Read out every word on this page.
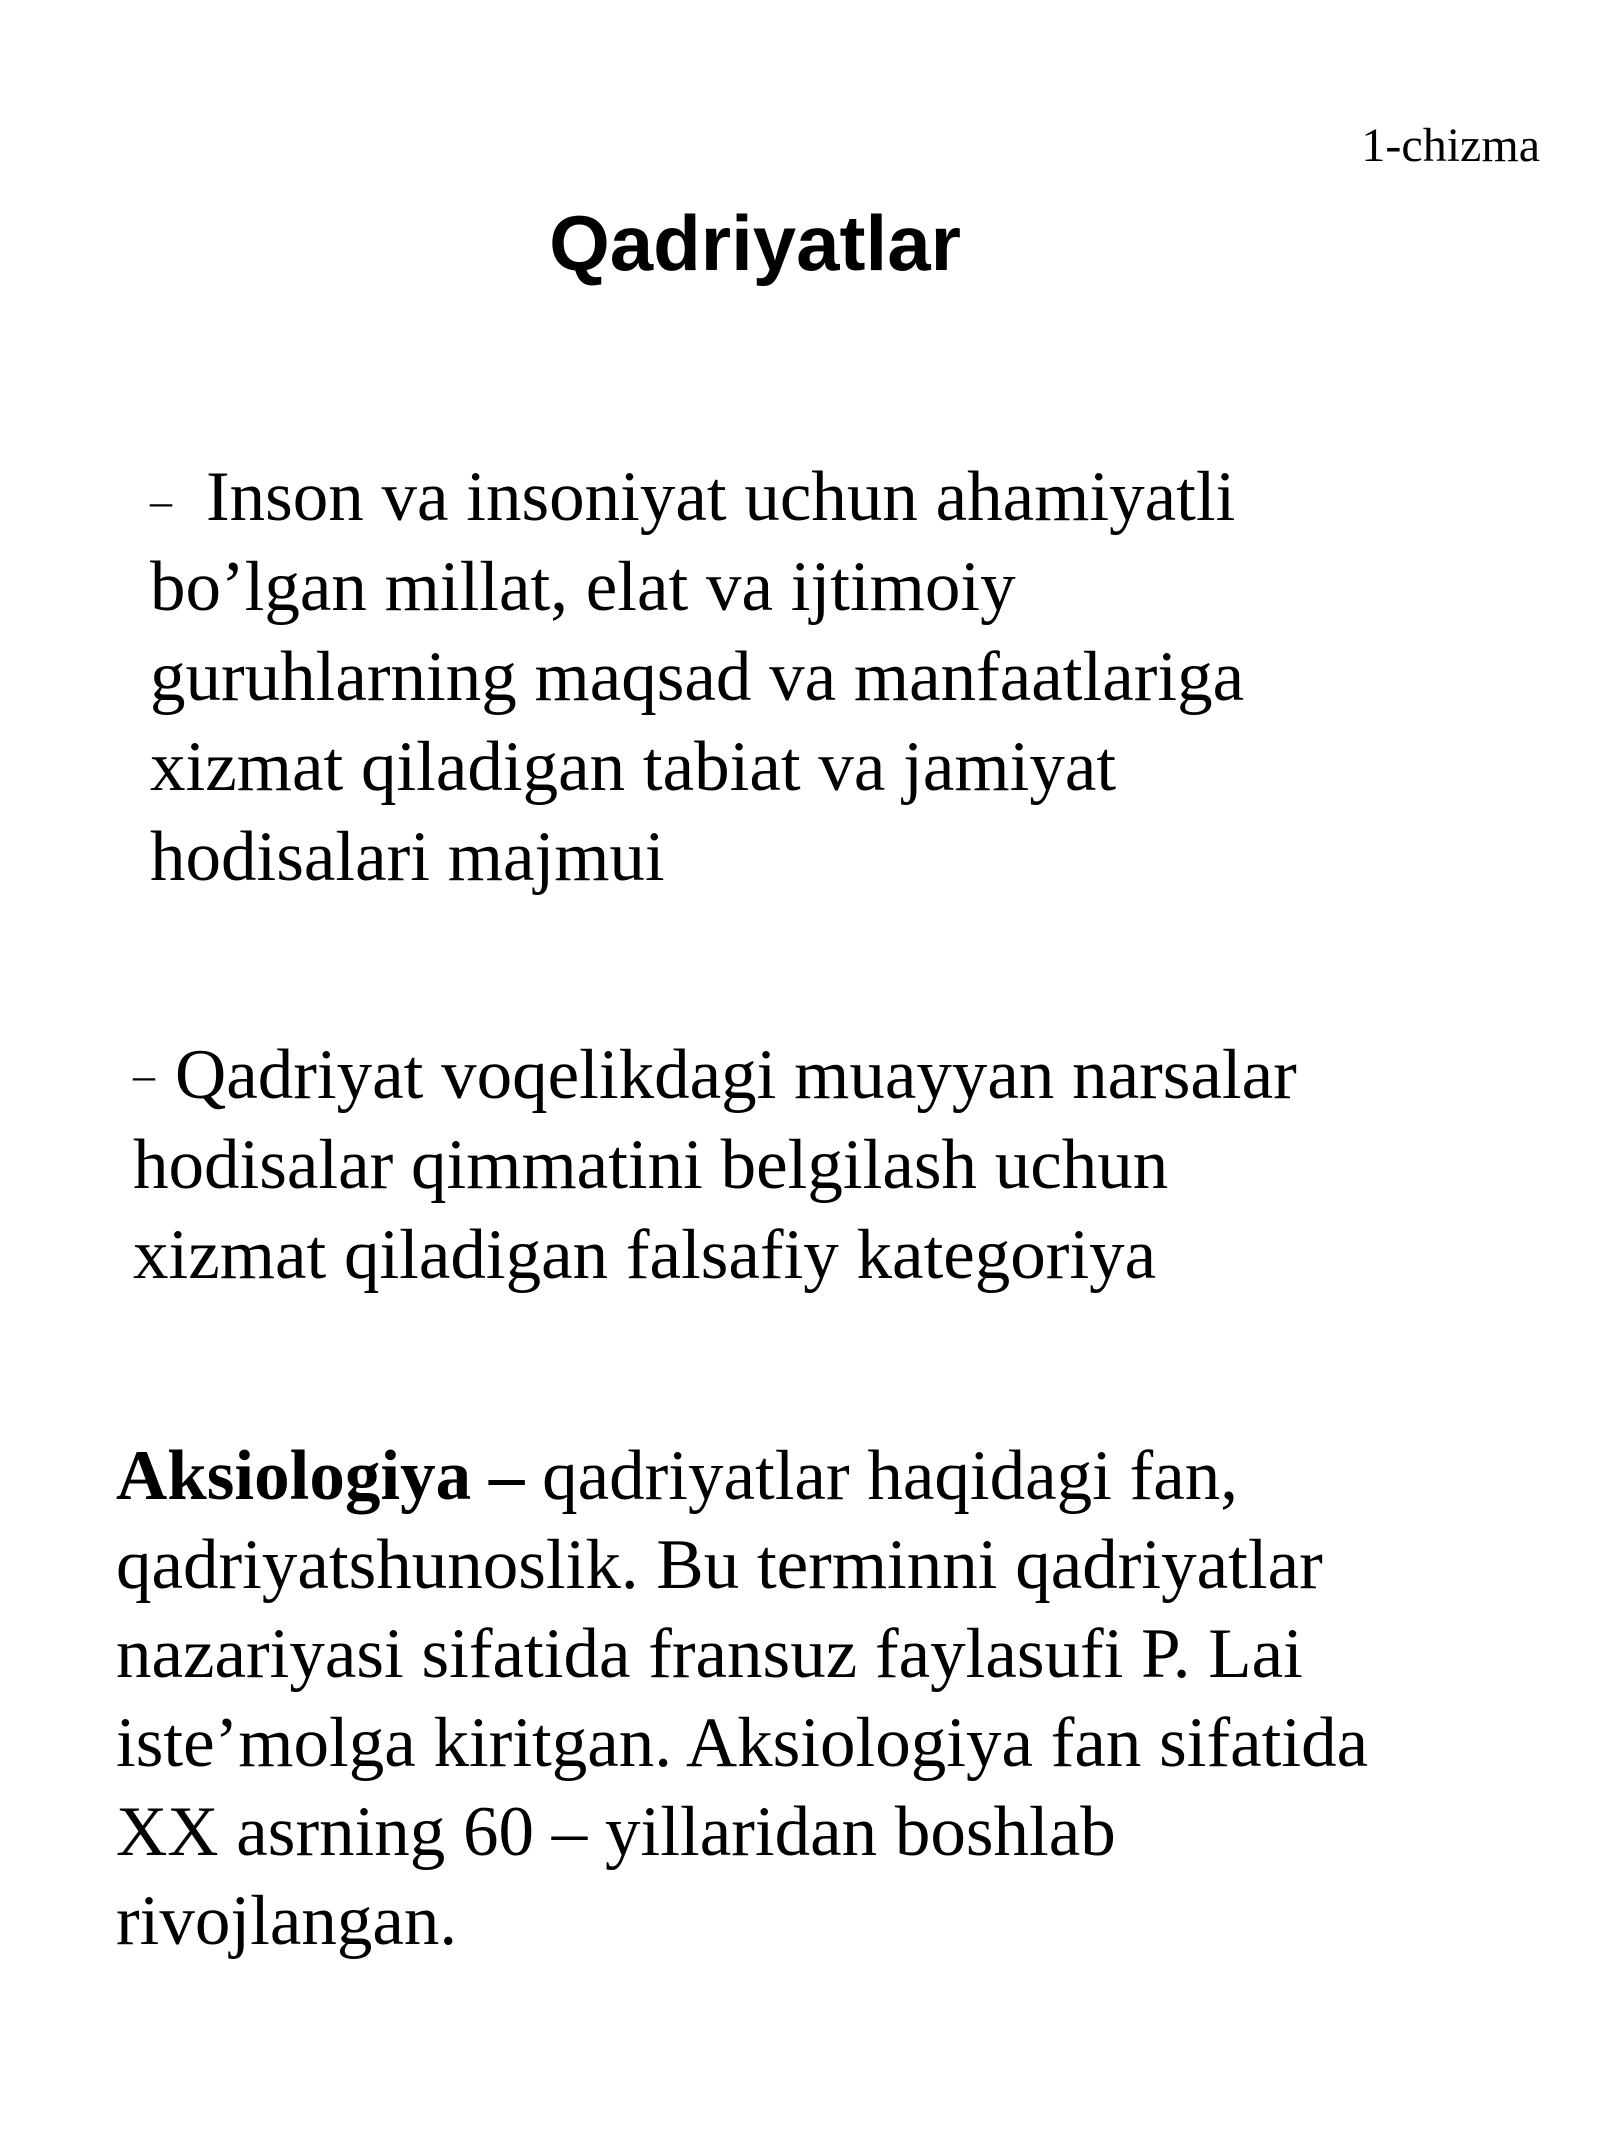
1-chizma
Qadriyatlar
– Inson va insoniyat uchun ahamiyatli
bo’lgan millat, elat va ijtimoiy
guruhlarning maqsad va manfaatlariga
xizmat qiladigan tabiat va jamiyat
hodisalari majmui
– Qadriyat voqelikdagi muayyan narsalar
hodisalar qimmatini belgilash uchun
xizmat qiladigan falsafiy kategoriya
Aksiologiya – qadriyatlar haqidagi fan,
qadriyatshunoslik. Bu terminni qadriyatlar
nazariyasi sifatida fransuz faylasufi P. Lai
iste’molga kiritgan. Aksiologiya fan sifatida
XX asrning 60 – yillaridan boshlab
rivojlangan.
